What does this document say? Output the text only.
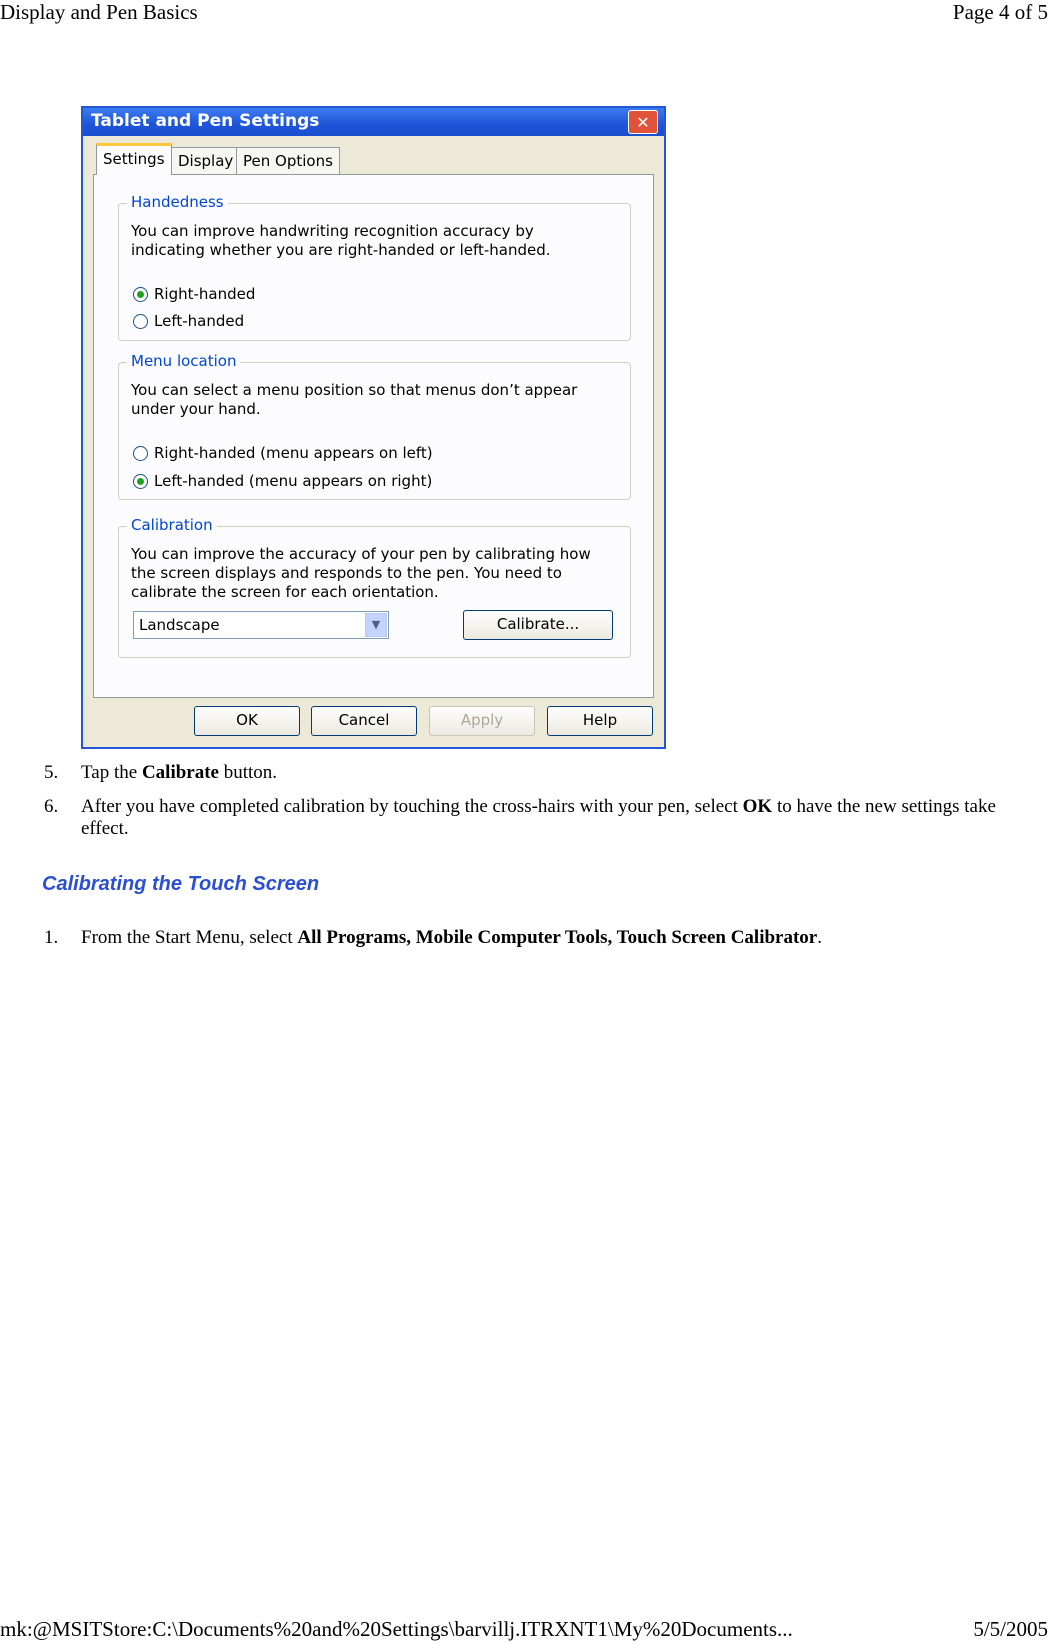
Display and Pen Basics	Page 4 of 5
Tablet and Pen Settings	✕
Settings Display Pen Options
Handedness
You can improve handwriting recognition accuracy by indicating whether you are right-handed or left-handed.
Right-handed
Left-handed
Menu location
You can select a menu position so that menus don’t appear under your hand.
Right-handed (menu appears on left)
Left-handed (menu appears on right)
Calibration
You can improve the accuracy of your pen by calibrating how the screen displays and responds to the pen. You need to calibrate the screen for each orientation.
Landscape	▼	Calibrate...
OK	Cancel	Apply	Help
5. Tap the Calibrate button.
6. After you have completed calibration by touching the cross-hairs with your pen, select OK to have the new settings take effect.
Calibrating the Touch Screen
1. From the Start Menu, select All Programs, Mobile Computer Tools, Touch Screen Calibrator.
mk:@MSITStore:C:\Documents%20and%20Settings\barvillj.ITRXNT1\My%20Documents...	5/5/2005
